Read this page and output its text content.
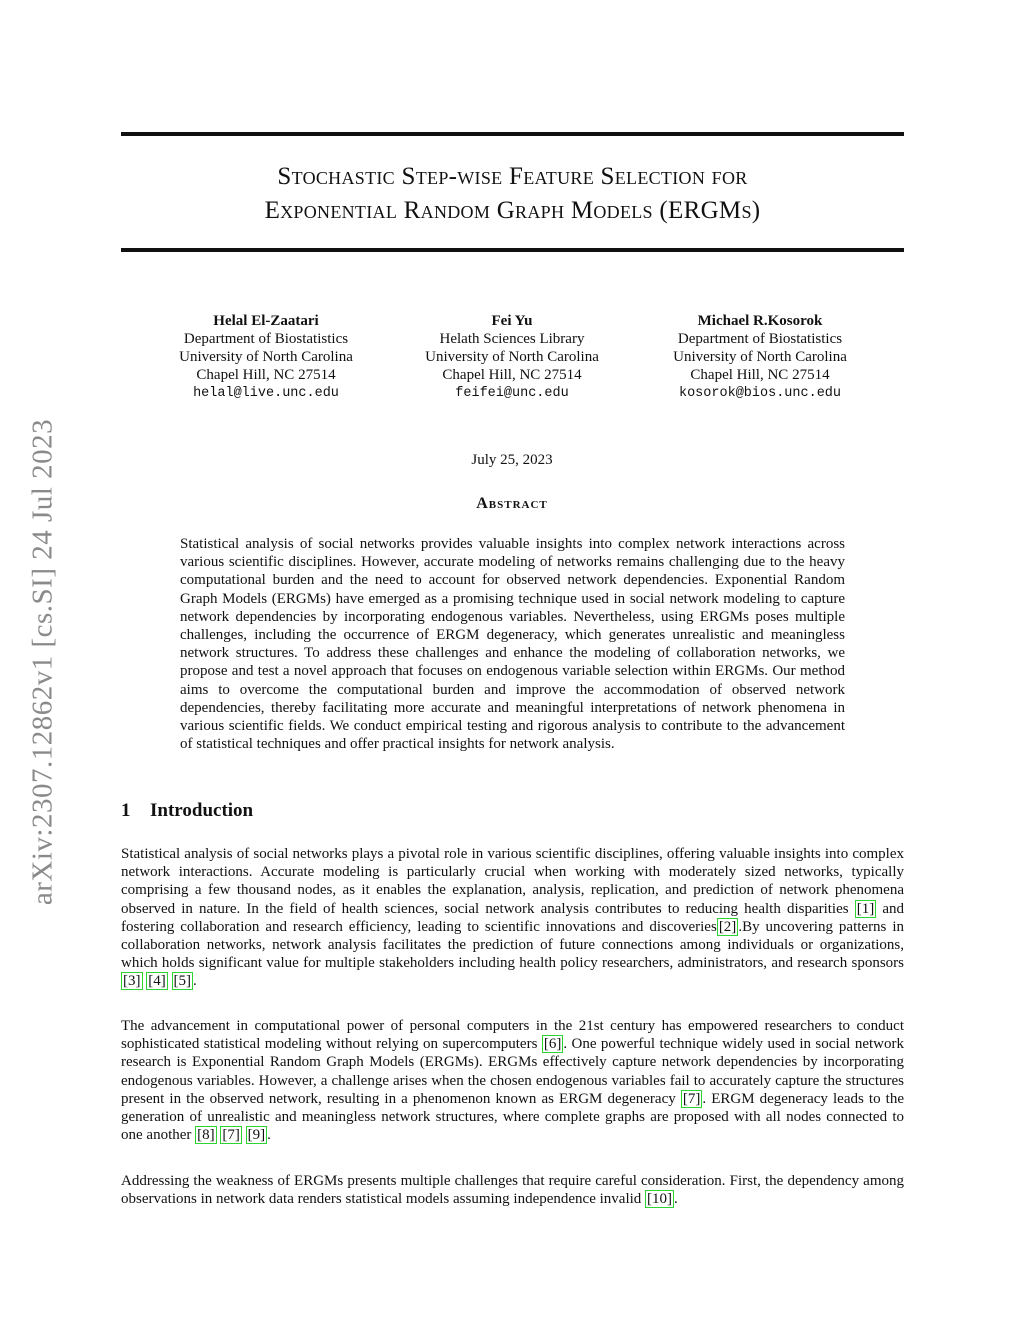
arXiv:2307.12862v1 [cs.SI] 24 Jul 2023
Stochastic Step-wise Feature Selection for
Exponential Random Graph Models (ERGMs)
Helal El-Zaatari
Department of Biostatistics
University of North Carolina
Chapel Hill, NC 27514
helal@live.unc.edu
Fei Yu
Helath Sciences Library
University of North Carolina
Chapel Hill, NC 27514
feifei@unc.edu
Michael R.Kosorok
Department of Biostatistics
University of North Carolina
Chapel Hill, NC 27514
kosorok@bios.unc.edu
July 25, 2023
Abstract

Statistical analysis of social networks provides valuable insights into complex network interactions across various scientific disciplines. However, accurate modeling of networks remains challenging due to the heavy computational burden and the need to account for observed network dependencies. Exponential Random Graph Models (ERGMs) have emerged as a promising technique used in social network modeling to capture network dependencies by incorporating endogenous variables. Nevertheless, using ERGMs poses multiple challenges, including the occurrence of ERGM degeneracy, which generates unrealistic and meaningless network structures. To address these challenges and enhance the modeling of collaboration networks, we propose and test a novel approach that focuses on endogenous variable selection within ERGMs. Our method aims to overcome the computational burden and improve the accommodation of observed network dependencies, thereby facilitating more accurate and meaningful interpretations of network phenomena in various scientific fields. We conduct empirical testing and rigorous analysis to contribute to the advancement of statistical techniques and offer practical insights for network analysis.

1 Introduction

Statistical analysis of social networks plays a pivotal role in various scientific disciplines, offering valuable insights into complex network interactions. Accurate modeling is particularly crucial when working with moderately sized networks, typically comprising a few thousand nodes, as it enables the explanation, analysis, replication, and prediction of network phenomena observed in nature. In the field of health sciences, social network analysis contributes to reducing health disparities [1] and fostering collaboration and research efficiency, leading to scientific innovations and discoveries [2] .By uncovering patterns in collaboration networks, network analysis facilitates the prediction of future connections among individuals or organizations, which holds significant value for multiple stakeholders including health policy researchers, administrators, and research sponsors [3] [4] [5] .

The advancement in computational power of personal computers in the 21st century has empowered researchers to conduct sophisticated statistical modeling without relying on supercomputers [6] . One powerful technique widely used in social network research is Exponential Random Graph Models (ERGMs). ERGMs effectively capture network dependencies by incorporating endogenous variables. However, a challenge arises when the chosen endogenous variables fail to accurately capture the structures present in the observed network, resulting in a phenomenon known as ERGM degeneracy [7] . ERGM degeneracy leads to the generation of unrealistic and meaningless network structures, where complete graphs are proposed with all nodes connected to one another [8] [7] [9] .

Addressing the weakness of ERGMs presents multiple challenges that require careful consideration. First, the dependency among observations in network data renders statistical models assuming independence invalid [10] .
